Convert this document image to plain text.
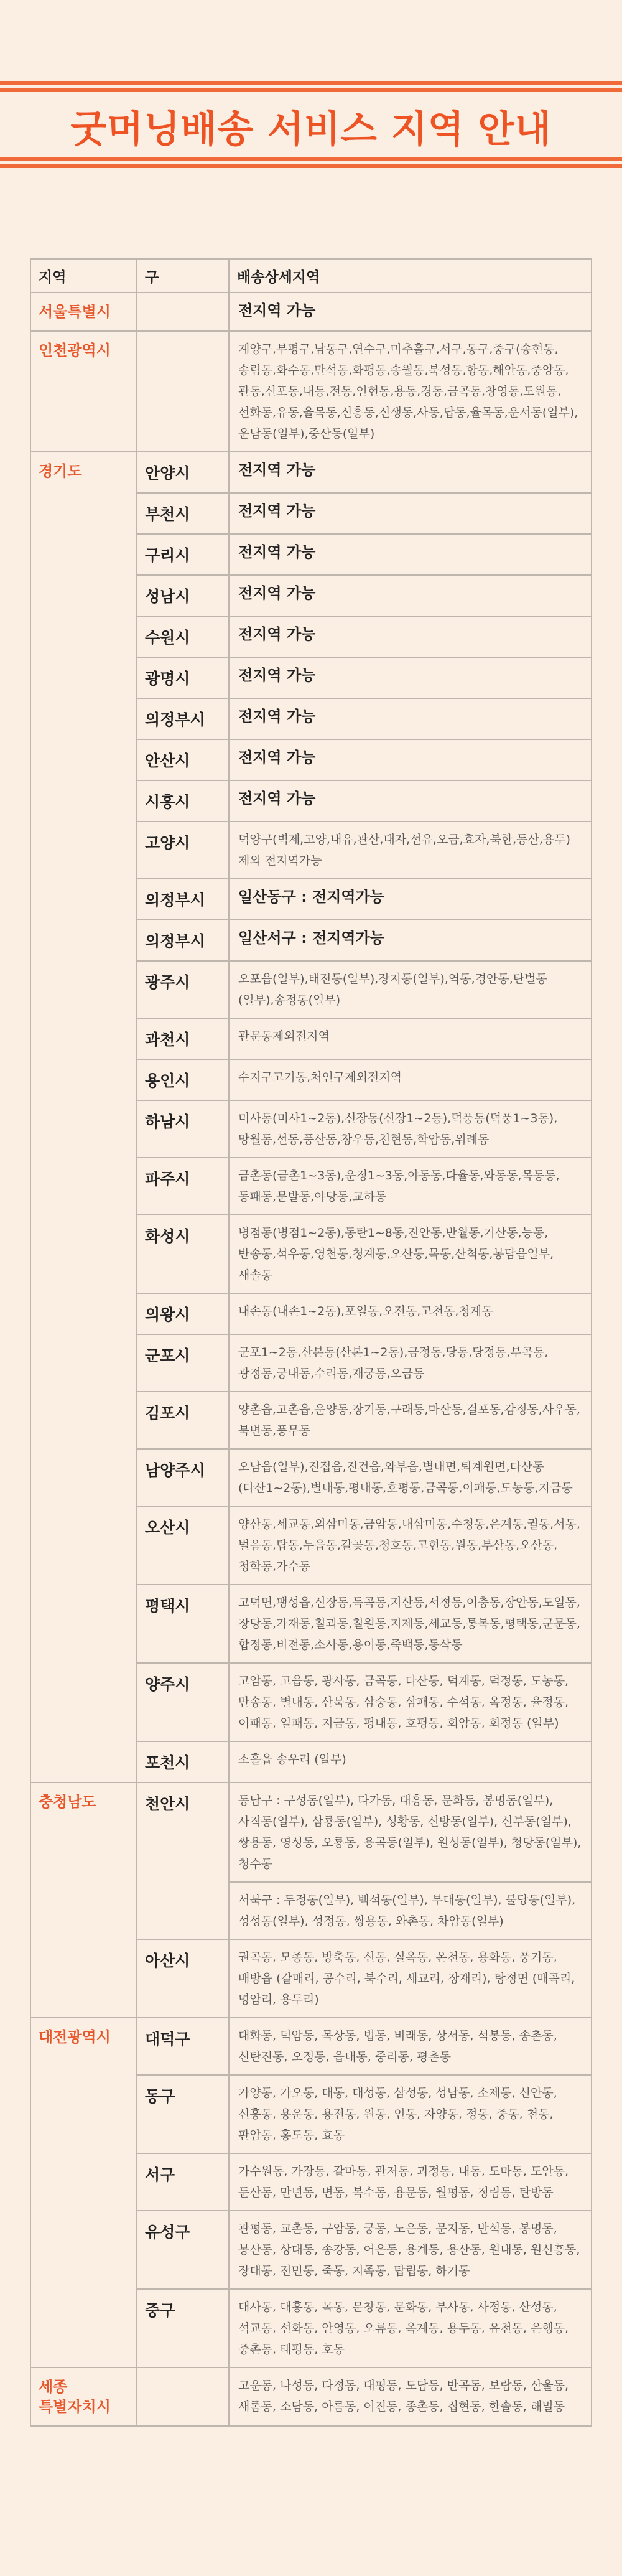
굿머닝배송 서비스 지역 안내
지역	구	배송상세지역
서울특별시		전지역 가능

인천광역시		계양구,부평구,남동구,연수구,미추홀구,서구,동구,중구(송현동,송림동,화수동,만석동,화평동,송월동,북성동,항동,해안동,중앙동,관동,신포동,내동,전동,인현동,용동,경동,금곡동,창영동,도원동,선화동,유동,율목동,신흥동,신생동,사동,답동,율목동,운서동(일부),운남동(일부),중산동(일부)

경기도	안양시	전지역 가능

	부천시	전지역 가능

	구리시	전지역 가능

	성남시	전지역 가능

	수원시	전지역 가능

	광명시	전지역 가능

	의정부시	전지역 가능

	안산시	전지역 가능

	시흥시	전지역 가능

	고양시	덕양구(벽제,고양,내유,관산,대자,선유,오금,효자,북한,동산,용두) 제외 전지역가능

	의정부시	일산동구 : 전지역가능

	의정부시	일산서구 : 전지역가능

	광주시	오포읍(일부),태전동(일부),장지동(일부),역동,경안동,탄벌동(일부),송정동(일부)

	과천시	관문동제외전지역

	용인시	수지구고기동,처인구제외전지역

	하남시	미사동(미사1~2동),신장동(신장1~2동),덕풍동(덕풍1~3동),망월동,선동,풍산동,창우동,천현동,학암동,위례동

	파주시	금촌동(금촌1~3동),운정1~3동,야동동,다율동,와동동,목동동,동패동,문발동,야당동,교하동

	화성시	병점동(병점1~2동),동탄1~8동,진안동,반월동,기산동,능동,반송동,석우동,영천동,청계동,오산동,목동,산척동,봉담읍일부,새솔동

	의왕시	내손동(내손1~2동),포일동,오전동,고천동,청계동

	군포시	군포1~2동,산본동(산본1~2동),금정동,당동,당정동,부곡동,광정동,궁내동,수리동,재궁동,오금동

	김포시	양촌읍,고촌읍,운양동,장기동,구래동,마산동,걸포동,감정동,사우동,북변동,풍무동

	남양주시	오남읍(일부),진접읍,진건읍,와부읍,별내면,퇴계원면,다산동(다산1~2동),별내동,평내동,호평동,금곡동,이패동,도농동,지금동

	오산시	양산동,세교동,외삼미동,금암동,내삼미동,수청동,은계동,궐동,서동,벌음동,탑동,누읍동,갈곶동,청호동,고현동,원동,부산동,오산동,청학동,가수동

	평택시	고덕면,팽성읍,신장동,독곡동,지산동,서정동,이충동,장안동,도일동,장당동,가재동,칠괴동,칠원동,지제동,세교동,통복동,평택동,군문동,합정동,비전동,소사동,용이동,죽백동,동삭동

	양주시	고암동, 고읍동, 광사동, 금곡동, 다산동, 덕계동, 덕정동, 도농동, 만송동, 별내동, 산북동, 삼숭동, 삼패동, 수석동, 옥정동, 율정동, 이패동, 일패동, 지금동, 평내동, 호평동, 회암동, 회정동 (일부)

	포천시	소흘읍 송우리 (일부)

충청남도	천안시	동남구 : 구성동(일부), 다가동, 대흥동, 문화동, 봉명동(일부), 사직동(일부), 삼룡동(일부), 성황동, 신방동(일부), 신부동(일부), 쌍용동, 영성동, 오룡동, 용곡동(일부), 원성동(일부), 청당동(일부), 청수동

		서북구 : 두정동(일부), 백석동(일부), 부대동(일부), 불당동(일부), 성성동(일부), 성정동, 쌍용동, 와촌동, 차암동(일부)

	아산시	권곡동, 모종동, 방축동, 신동, 실옥동, 온천동, 용화동, 풍기동, 배방읍 (갈매리, 공수리, 북수리, 세교리, 장재리), 탕정면 (매곡리, 명암리, 용두리)

대전광역시	대덕구	대화동, 덕암동, 목상동, 법동, 비래동, 상서동, 석봉동, 송촌동, 신탄진동, 오정동, 읍내동, 중리동, 평촌동

	동구	가양동, 가오동, 대동, 대성동, 삼성동, 성남동, 소제동, 신안동, 신흥동, 용운동, 용전동, 원동, 인동, 자양동, 정동, 중동, 천동, 판암동, 홍도동, 효동

	서구	가수원동, 가장동, 갈마동, 관저동, 괴정동, 내동, 도마동, 도안동, 둔산동, 만년동, 변동, 복수동, 용문동, 월평동, 정림동, 탄방동

	유성구	관평동, 교촌동, 구암동, 궁동, 노은동, 문지동, 반석동, 봉명동, 봉산동, 상대동, 송강동, 어은동, 용계동, 용산동, 원내동, 원신흥동, 장대동, 전민동, 죽동, 지족동, 탑립동, 하기동

	중구	대사동, 대흥동, 목동, 문창동, 문화동, 부사동, 사정동, 산성동, 석교동, 선화동, 안영동, 오류동, 옥계동, 용두동, 유천동, 은행동, 중촌동, 태평동, 호동

세종
특별자치시		고운동, 나성동, 다정동, 대평동, 도담동, 반곡동, 보람동, 산울동, 새롬동, 소담동, 아름동, 어진동, 종촌동, 집현동, 한솔동, 해밀동
